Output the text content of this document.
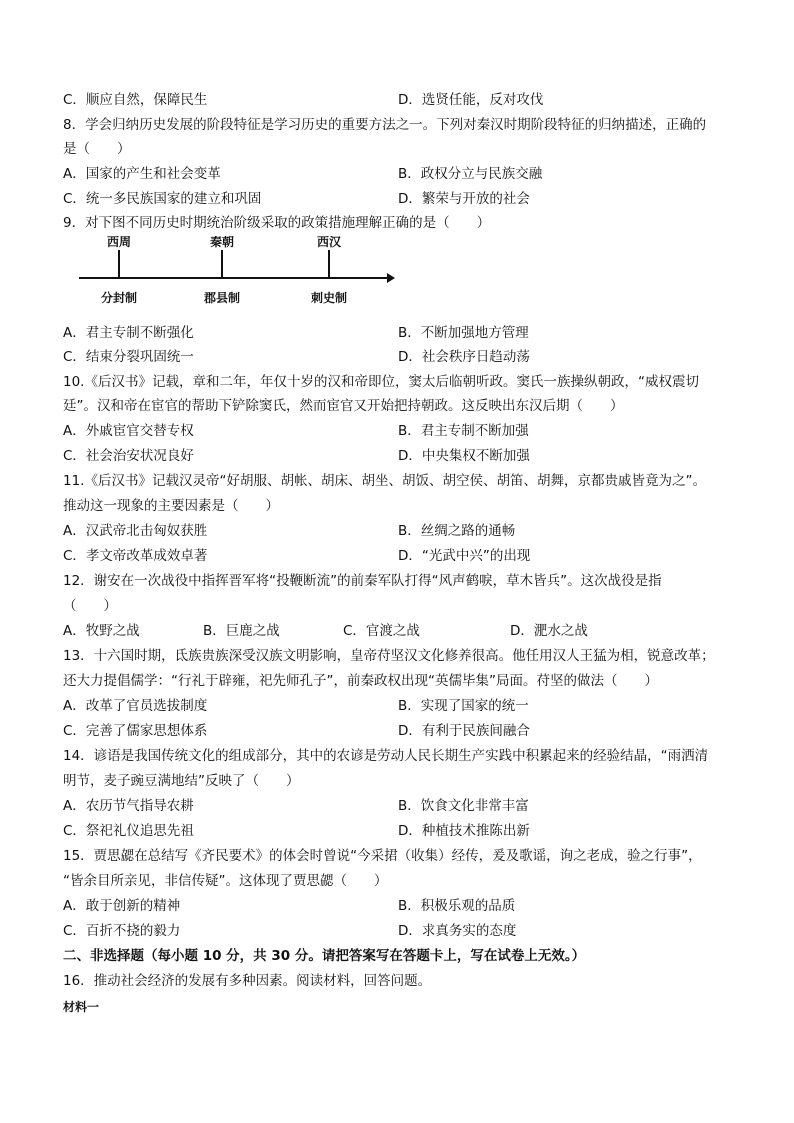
C．顺应自然，保障民生	D．选贤任能，反对攻伐
8．学会归纳历史发展的阶段特征是学习历史的重要方法之一。下列对秦汉时期阶段特征的归纳描述，正确的
是（　　）
A．国家的产生和社会变革	B．政权分立与民族交融
C．统一多民族国家的建立和巩固	D．繁荣与开放的社会
9．对下图不同历史时期统治阶级采取的政策措施理解正确的是（　　）
西周	秦朝	西汉
分封制	郡县制	刺史制
A．君主专制不断强化	B．不断加强地方管理
C．结束分裂巩固统一	D．社会秩序日趋动荡
10.《后汉书》记载，章和二年，年仅十岁的汉和帝即位，窦太后临朝听政。窦氏一族操纵朝政，“威权震切
廷”。汉和帝在宦官的帮助下铲除窦氏，然而宦官又开始把持朝政。这反映出东汉后期（　　）
A．外戚宦官交替专权	B．君主专制不断加强
C．社会治安状况良好	D．中央集权不断加强
11.《后汉书》记载汉灵帝“好胡服、胡帐、胡床、胡坐、胡饭、胡空侯、胡笛、胡舞，京都贵戚皆竟为之”。
推动这一现象的主要因素是（　　）
A．汉武帝北击匈奴获胜	B．丝绸之路的通畅
C．孝文帝改革成效卓著	D．“光武中兴”的出现
12．谢安在一次战役中指挥晋军将“投鞭断流”的前秦军队打得“风声鹤唳，草木皆兵”。这次战役是指
（　　）
A．牧野之战	B．巨鹿之战	C．官渡之战	D．淝水之战
13．十六国时期，氐族贵族深受汉族文明影响，皇帝苻坚汉文化修养很高。他任用汉人王猛为相，锐意改革；
还大力提倡儒学：“行礼于辟雍，祀先师孔子”，前秦政权出现“英儒毕集”局面。苻坚的做法（　　）
A．改革了官员选拔制度	B．实现了国家的统一
C．完善了儒家思想体系	D．有利于民族间融合
14．谚语是我国传统文化的组成部分，其中的农谚是劳动人民长期生产实践中积累起来的经验结晶，“雨洒清
明节，麦子豌豆满地结”反映了（　　）
A．农历节气指导农耕	B．饮食文化非常丰富
C．祭祀礼仪追思先祖	D．种植技术推陈出新
15．贾思勰在总结写《齐民要术》的体会时曾说“今采捃（收集）经传，爰及歌谣，询之老成，验之行事”，
“皆余目所亲见，非信传疑”。这体现了贾思勰（　　）
A．敢于创新的精神	B．积极乐观的品质
C．百折不挠的毅力	D．求真务实的态度
二、非选择题（每小题 10 分，共 30 分。请把答案写在答题卡上，写在试卷上无效。）
16．推动社会经济的发展有多种因素。阅读材料，回答问题。
材料一
